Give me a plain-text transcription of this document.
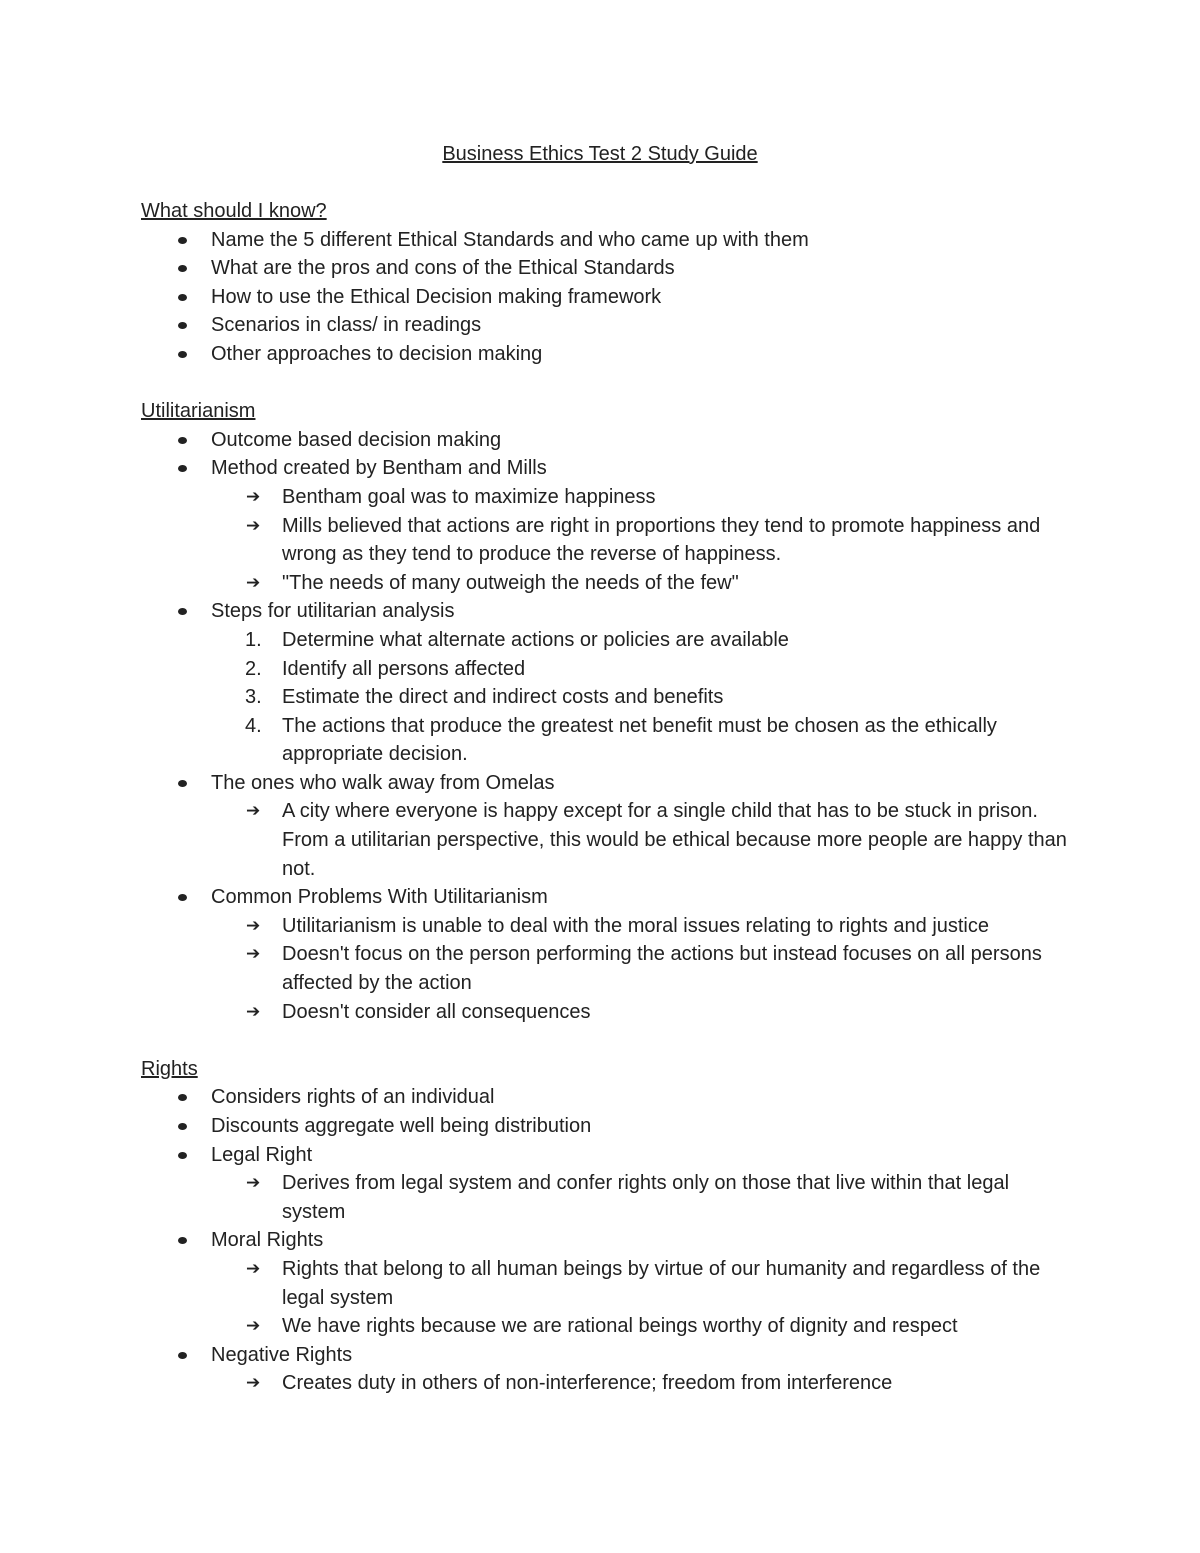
Business Ethics Test 2 Study Guide
What should I know?
Name the 5 different Ethical Standards and who came up with them
What are the pros and cons of the Ethical Standards
How to use the Ethical Decision making framework
Scenarios in class/ in readings
Other approaches to decision making
Utilitarianism
Outcome based decision making
Method created by Bentham and Mills
➔ Bentham goal was to maximize happiness
➔ Mills believed that actions are right in proportions they tend to promote happiness and wrong as they tend to produce the reverse of happiness.
➔ "The needs of many outweigh the needs of the few"
Steps for utilitarian analysis
1. Determine what alternate actions or policies are available
2. Identify all persons affected
3. Estimate the direct and indirect costs and benefits
4. The actions that produce the greatest net benefit must be chosen as the ethically appropriate decision.
The ones who walk away from Omelas
➔ A city where everyone is happy except for a single child that has to be stuck in prison. From a utilitarian perspective, this would be ethical because more people are happy than not.
Common Problems With Utilitarianism
➔ Utilitarianism is unable to deal with the moral issues relating to rights and justice
➔ Doesn't focus on the person performing the actions but instead focuses on all persons affected by the action
➔ Doesn't consider all consequences
Rights
Considers rights of an individual
Discounts aggregate well being distribution
Legal Right
➔ Derives from legal system and confer rights only on those that live within that legal system
Moral Rights
➔ Rights that belong to all human beings by virtue of our humanity and regardless of the legal system
➔ We have rights because we are rational beings worthy of dignity and respect
Negative Rights
➔ Creates duty in others of non-interference; freedom from interference
